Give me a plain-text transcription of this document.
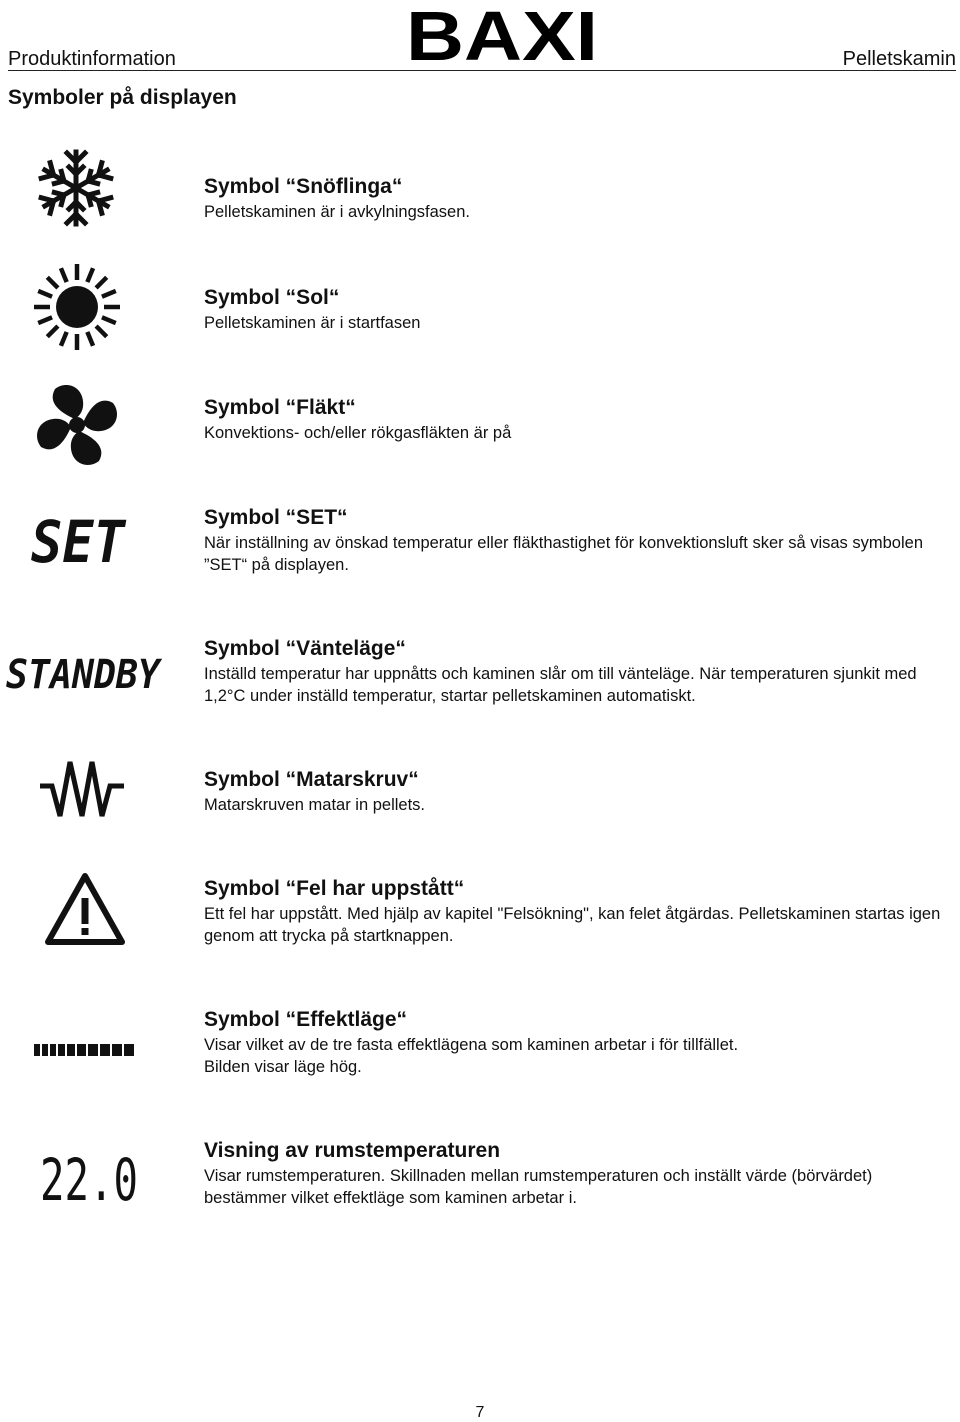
Produktinformation	BAXI	Pelletskamin
Symboler på displayen
SET
STANDBY
22.0
Symbol “Snöflinga“

Pelletskaminen är i avkylningsfasen.

Symbol “Sol“

Pelletskaminen är i startfasen

Symbol “Fläkt“

Konvektions- och/eller rökgasfläkten är på

Symbol “SET“

När inställning av önskad temperatur eller fläkthastighet för konvektionsluft sker så visas symbolen ”SET“ på displayen.

Symbol “Vänteläge“

Inställd temperatur har uppnåtts och kaminen slår om till vänteläge. När temperaturen sjunkit med 1,2°C under inställd temperatur, startar pelletskaminen automatiskt.

Symbol “Matarskruv“

Matarskruven matar in pellets.

Symbol “Fel har uppstått“

Ett fel har uppstått. Med hjälp av kapitel "Felsökning", kan felet åtgärdas. Pelletskaminen startas igen genom att trycka på startknappen.

Symbol “Effektläge“

Visar vilket av de tre fasta effektlägena som kaminen arbetar i för tillfället.

Bilden visar läge hög.

Visning av rumstemperaturen

Visar rumstemperaturen. Skillnaden mellan rumstemperaturen och inställt värde (börvärdet) bestämmer vilket effektläge som kaminen arbetar i.

7
